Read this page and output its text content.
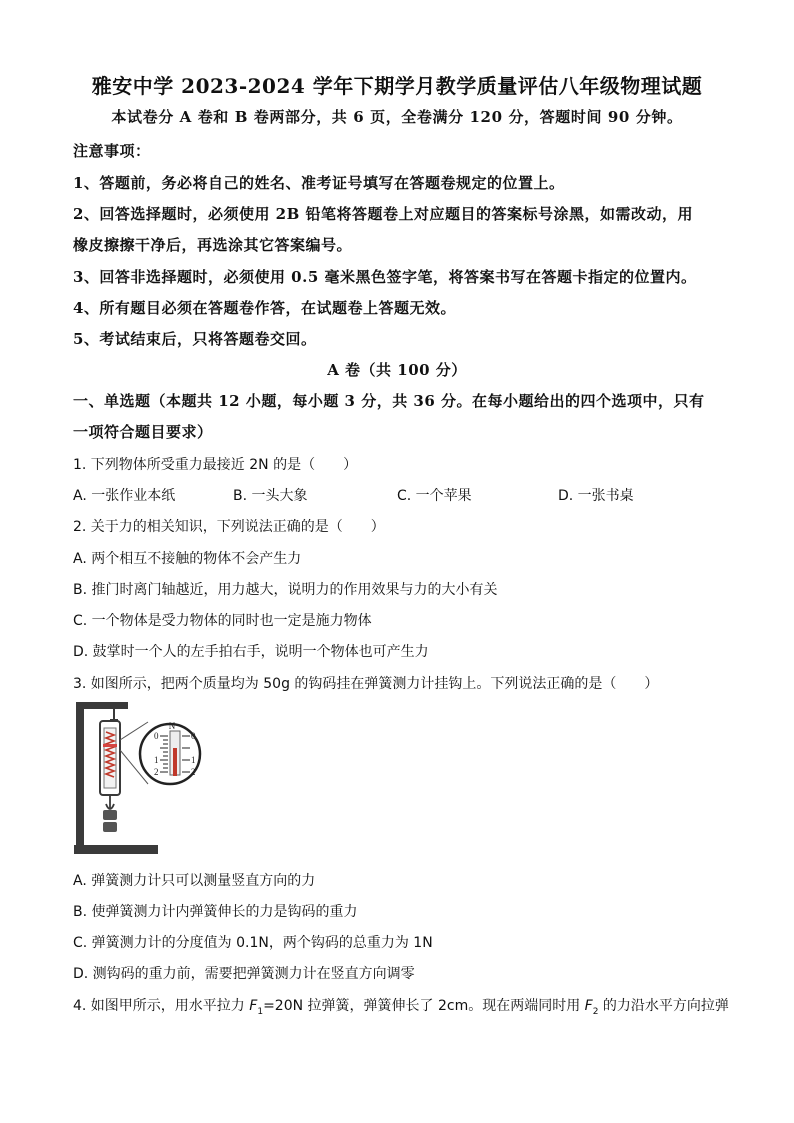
雅安中学 2023-2024 学年下期学月教学质量评估八年级物理试题
本试卷分 A 卷和 B 卷两部分，共 6 页，全卷满分 120 分，答题时间 90 分钟。
注意事项：
1、答题前，务必将自己的姓名、准考证号填写在答题卷规定的位置上。
2、回答选择题时，必须使用 2B 铅笔将答题卷上对应题目的答案标号涂黑，如需改动，用
橡皮擦擦干净后，再选涂其它答案编号。
3、回答非选择题时，必须使用 0.5 毫米黑色签字笔，将答案书写在答题卡指定的位置内。
4、所有题目必须在答题卷作答，在试题卷上答题无效。
5、考试结束后，只将答题卷交回。
A 卷（共 100 分）
一、单选题（本题共 12 小题，每小题 3 分，共 36 分。在每小题给出的四个选项中，只有
一项符合题目要求）
1. 下列物体所受重力最接近 2N 的是（　　）
A. 一张作业本纸	B. 一头大象	C. 一个苹果	D. 一张书桌
2. 关于力的相关知识，下列说法正确的是（　　）
A. 两个相互不接触的物体不会产生力
B. 推门时离门轴越近，用力越大，说明力的作用效果与力的大小有关
C. 一个物体是受力物体的同时也一定是施力物体
D. 鼓掌时一个人的左手拍右手，说明一个物体也可产生力
3. 如图所示，把两个质量均为 50g 的钩码挂在弹簧测力计挂钩上。下列说法正确的是（　　）
N
0
1
2
0
1
2
A. 弹簧测力计只可以测量竖直方向的力
B. 使弹簧测力计内弹簧伸长的力是钩码的重力
C. 弹簧测力计的分度值为 0.1N，两个钩码的总重力为 1N
D. 测钩码的重力前，需要把弹簧测力计在竖直方向调零
4. 如图甲所示，用水平拉力 $F_1=20N$ 拉弹簧，弹簧伸长了 2cm。现在两端同时用 $F_2$ 的力沿水平方向拉弹
